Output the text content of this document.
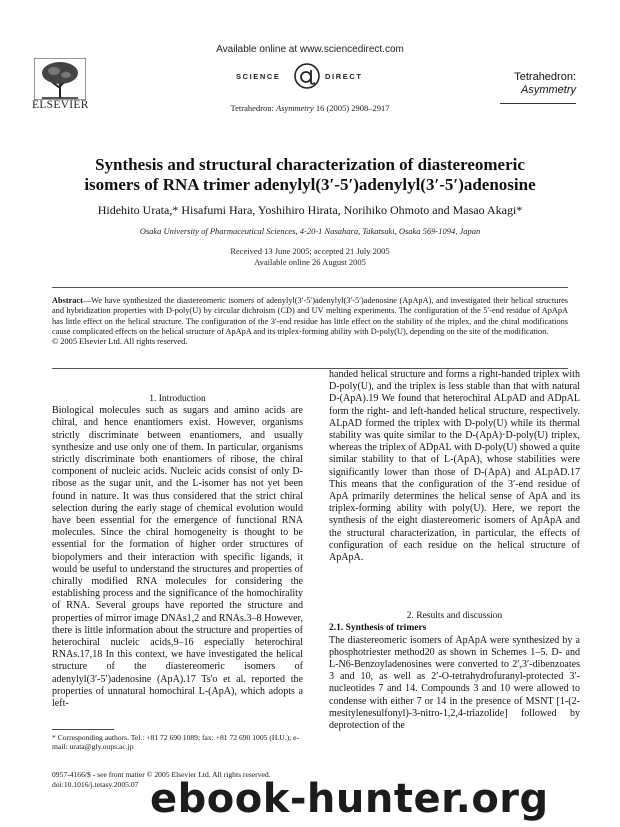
ELSEVIER
Available online at www.sciencedirect.com
SCIENCE	DIRECT
Tetrahedron: Asymmetry 16 (2005) 2908–2917
Tetrahedron:
Asymmetry
Synthesis and structural characterization of diastereomeric
isomers of RNA trimer adenylyl(3′-5′)adenylyl(3′-5′)adenosine
Hidehito Urata,* Hisafumi Hara, Yoshihiro Hirata, Norihiko Ohmoto and Masao Akagi*
Osaka University of Pharmaceutical Sciences, 4-20-1 Nasahara, Takatsuki, Osaka 569-1094, Japan
Received 13 June 2005; accepted 21 July 2005
Available online 26 August 2005
Abstract—We have synthesized the diastereomeric isomers of adenylyl(3′-5′)adenylyl(3′-5′)adenosine (ApApA), and investigated their helical structures and hybridization properties with D-poly(U) by circular dichroism (CD) and UV melting experiments. The configuration of the 5′-end residue of ApApA has little effect on the helical structure. The configuration of the 3′-end residue has little effect on the stability of the triplex, and the chiral modifications cause complicated effects on the helical structure of ApApA and its triplex-forming ability with D-poly(U), depending on the site of the modification.
© 2005 Elsevier Ltd. All rights reserved.

1. Introduction

Biological molecules such as sugars and amino acids are chiral, and hence enantiomers exist. However, organisms strictly discriminate between enantiomers, and usually synthesize and use only one of them. In particular, organisms strictly discriminate both enantiomers of ribose, the chiral component of nucleic acids. Nucleic acids consist of only D-ribose as the sugar unit, and the L-isomer has not yet been found in nature. It was thus considered that the strict chiral selection during the early stage of chemical evolution would have been essential for the emergence of functional RNA molecules. Since the chiral homogeneity is thought to be essential for the formation of higher order structures of biopolymers and their interaction with specific ligands, it would be useful to understand the structures and properties of chirally modified RNA molecules for considering the establishing process and the significance of the homochirality of RNA. Several groups have reported the structure and properties of mirror image DNAs1,2 and RNAs.3–8 However, there is little information about the structure and properties of heterochiral nucleic acids,9–16 especially heterochiral RNAs.17,18 In this context, we have investigated the helical structure of the diastereomeric isomers of adenylyl(3′-5′)adenosine (ApA).17 Ts'o et al. reported the properties of unnatural homochiral L-(ApA), which adopts a left-

handed helical structure and forms a right-handed triplex with D-poly(U), and the triplex is less stable than that with natural D-(ApA).19 We found that heterochiral ALpAD and ADpAL form the right- and left-handed helical structure, respectively. ALpAD formed the triplex with D-poly(U) while its thermal stability was quite similar to the D-(ApA)·D-poly(U) triplex, whereas the triplex of ADpAL with D-poly(U) showed a quite similar stability to that of L-(ApA), whose stabilities were significantly lower than those of D-(ApA) and ALpAD.17 This means that the configuration of the 3′-end residue of ApA primarily determines the helical sense of ApA and its triplex-forming ability with poly(U). Here, we report the synthesis of the eight diastereomeric isomers of ApApA and the structural characterization, in particular, the effects of configuration of each residue on the helical structure of ApApA.

2. Results and discussion

2.1. Synthesis of trimers

The diastereomeric isomers of ApApA were synthesized by a phosphotriester method20 as shown in Schemes 1–5. D- and L-N6-Benzoyladenosines were converted to 2′,3′-dibenzoates 3 and 10, as well as 2′-O-tetrahydrofuranyl-protected 3′-nucleotides 7 and 14. Compounds 3 and 10 were allowed to condense with either 7 or 14 in the presence of MSNT [1-(2-mesitylenesulfonyl)-3-nitro-1,2,4-triazolide] followed by deprotection of the

* Corresponding authors. Tel.: +81 72 690 1089; fax: +81 72 690 1005 (H.U.); e-mail: urata@gly.oups.ac.jp
0957-4166/$ - see front matter © 2005 Elsevier Ltd. All rights reserved.
doi:10.1016/j.tetasy.2005.07 ebook-hunter.org
